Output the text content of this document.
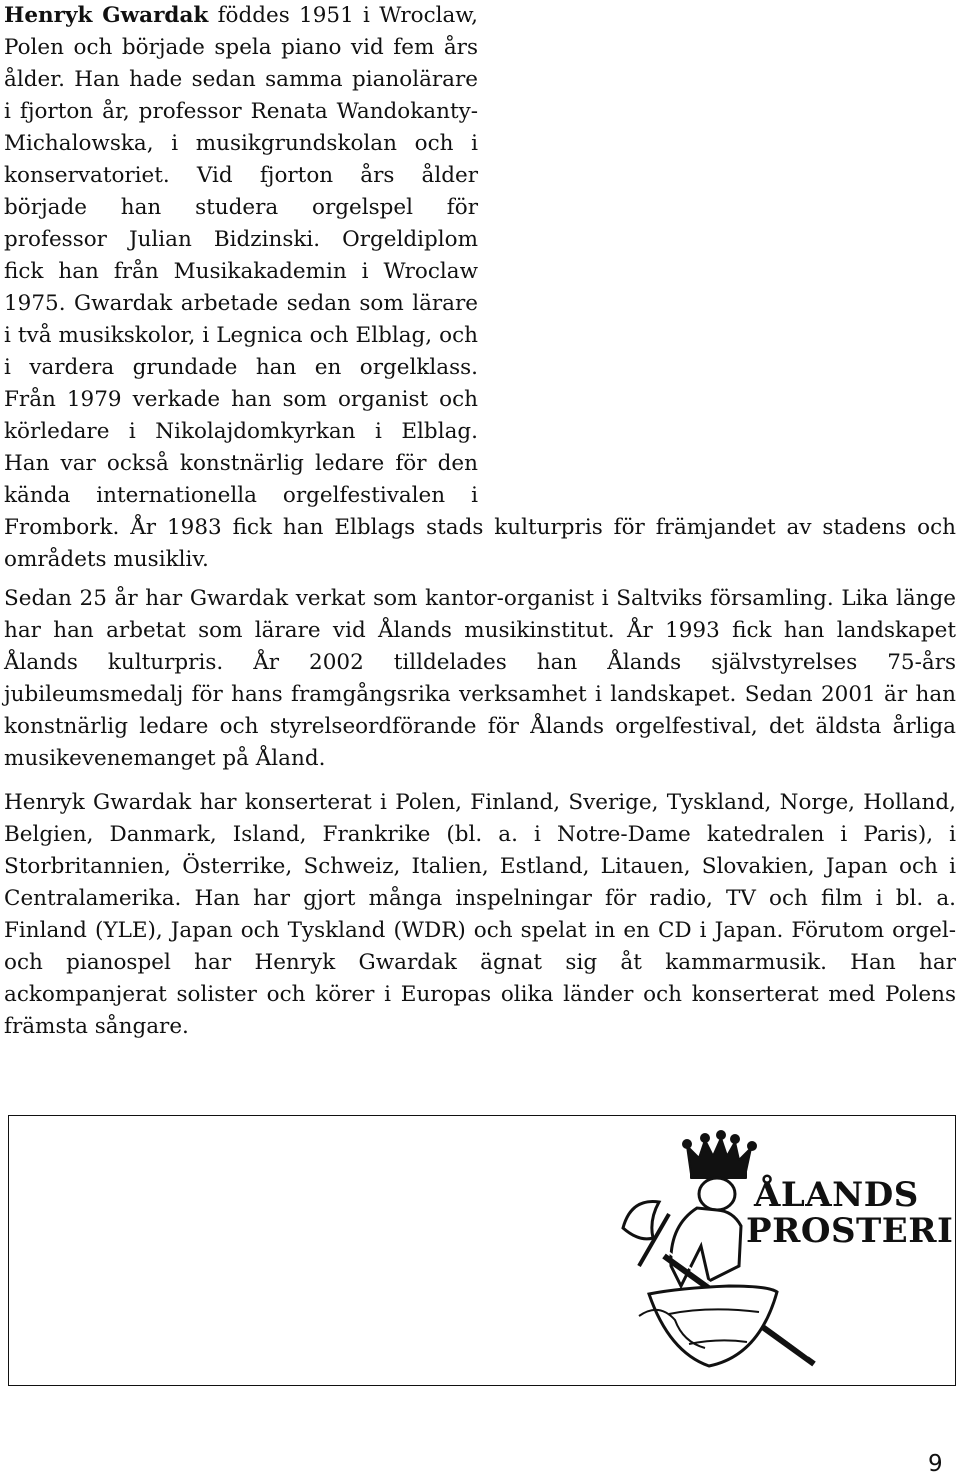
Henryk Gwardak föddes 1951 i Wroclaw, Polen och började spela piano vid fem års ålder. Han hade sedan samma pianolärare i fjorton år, professor Renata Wandokanty-Michalowska, i musikgrundskolan och i konservatoriet. Vid fjorton års ålder började han studera orgelspel för professor Julian Bidzinski. Orgeldiplom fick han från Musikakademin i Wroclaw 1975. Gwardak arbetade sedan som lärare i två musikskolor, i Legnica och Elblag, och i vardera grundade han en orgelklass. Från 1979 verkade han som organist och körledare i Nikolajdomkyrkan i Elblag. Han var också konstnärlig ledare för den kända internationella orgelfestivalen i Frombork. År 1983 fick han Elblags stads kulturpris för främjandet av stadens och områdets musikliv.

Sedan 25 år har Gwardak verkat som kantor-organist i Saltviks församling. Lika länge har han arbetat som lärare vid Ålands musikinstitut. År 1993 fick han landskapet Ålands kulturpris. År 2002 tilldelades han Ålands självstyrelses 75-års jubileumsmedalj för hans framgångsrika verksamhet i landskapet. Sedan 2001 är han konstnärlig ledare och styrelseordförande för Ålands orgelfestival, det äldsta årliga musikevenemanget på Åland.

Henryk Gwardak har konserterat i Polen, Finland, Sverige, Tyskland, Norge, Holland, Belgien, Danmark, Island, Frankrike (bl. a. i Notre-Dame katedralen i Paris), i Storbritannien, Österrike, Schweiz, Italien, Estland, Litauen, Slovakien, Japan och i Centralamerika. Han har gjort många inspelningar för radio, TV och film i bl. a. Finland (YLE), Japan och Tyskland (WDR) och spelat in en CD i Japan. Förutom orgel- och pianospel har Henryk Gwardak ägnat sig åt kammarmusik. Han har ackompanjerat solister och körer i Europas olika länder och konserterat med Polens främsta sångare.

ÅLANDS
PROSTERI
9
